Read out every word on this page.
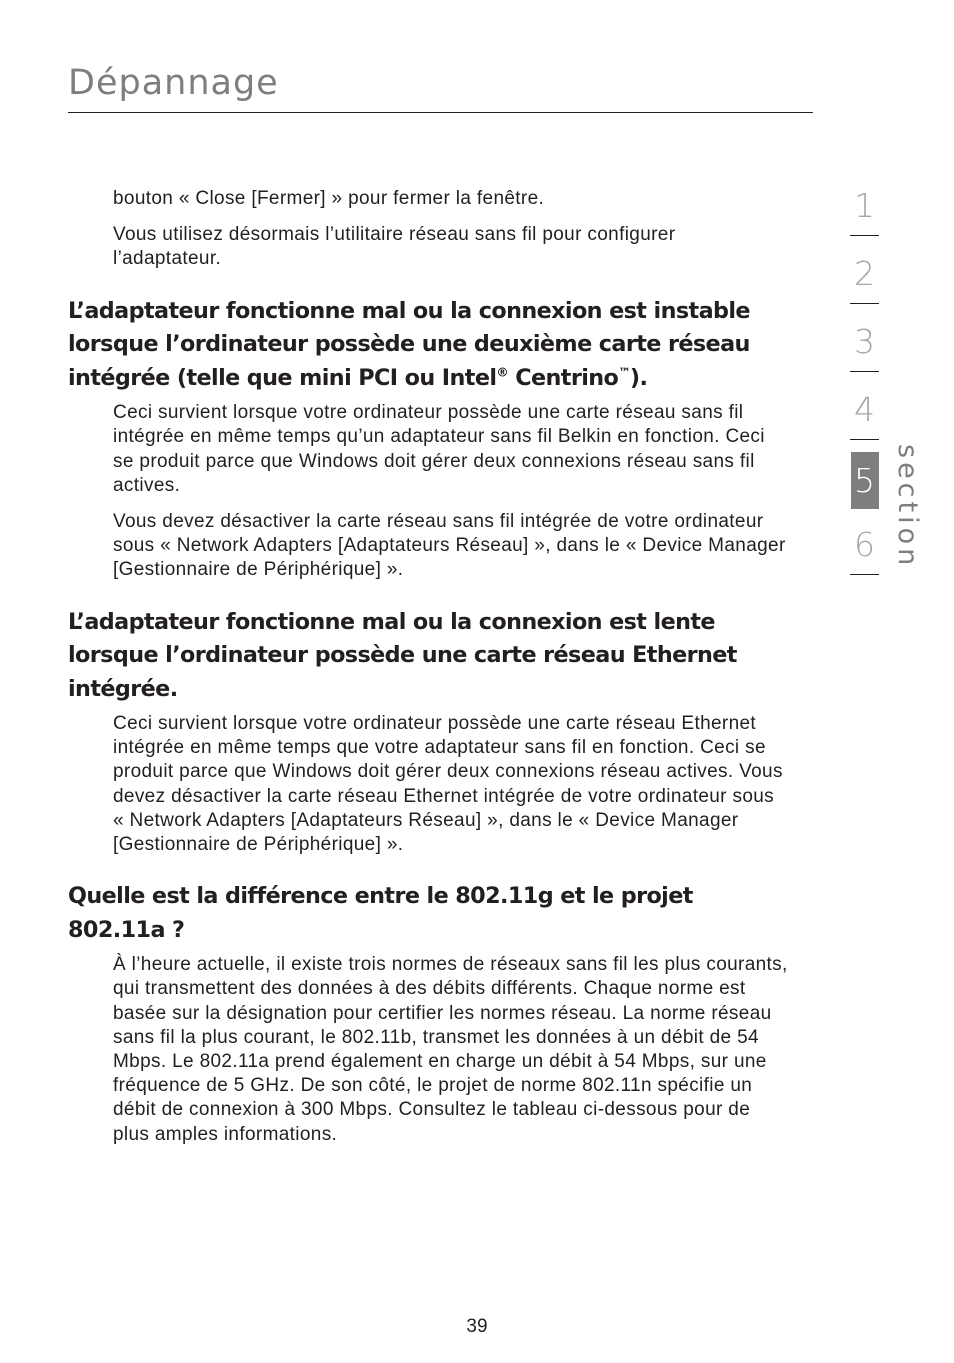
Dépannage

bouton « Close [Fermer] » pour fermer la fenêtre.

Vous utilisez désormais l’utilitaire réseau sans fil pour configurer l’adaptateur.

L’adaptateur fonctionne mal ou la connexion est instable lorsque l’ordinateur possède une deuxième carte réseau intégrée (telle que mini PCI ou Intel® Centrino™).

Ceci survient lorsque votre ordinateur possède une carte réseau sans fil intégrée en même temps qu’un adaptateur sans fil Belkin en fonction. Ceci se produit parce que Windows doit gérer deux connexions réseau sans fil actives.

Vous devez désactiver la carte réseau sans fil intégrée de votre ordinateur sous « Network Adapters [Adaptateurs Réseau] », dans le « Device Manager [Gestionnaire de Périphérique] ».

L’adaptateur fonctionne mal ou la connexion est lente lorsque l’ordinateur possède une carte réseau Ethernet intégrée.

Ceci survient lorsque votre ordinateur possède une carte réseau Ethernet intégrée en même temps que votre adaptateur sans fil en fonction. Ceci se produit parce que Windows doit gérer deux connexions réseau actives. Vous devez désactiver la carte réseau Ethernet intégrée de votre ordinateur sous « Network Adapters [Adaptateurs Réseau] », dans le « Device Manager [Gestionnaire de Périphérique] ».

Quelle est la différence entre le 802.11g et le projet 802.11a ?

À l’heure actuelle, il existe trois normes de réseaux sans fil les plus courants, qui transmettent des données à des débits différents. Chaque norme est basée sur la désignation pour certifier les normes réseau. La norme réseau sans fil la plus courant, le 802.11b, transmet les données à un débit de 54 Mbps. Le 802.11a prend également en charge un débit à 54 Mbps, sur une fréquence de 5 GHz. De son côté, le projet de norme 802.11n spécifie un débit de connexion à 300 Mbps. Consultez le tableau ci-dessous pour de plus amples informations.

1
2
3
4
5
6 section
39
